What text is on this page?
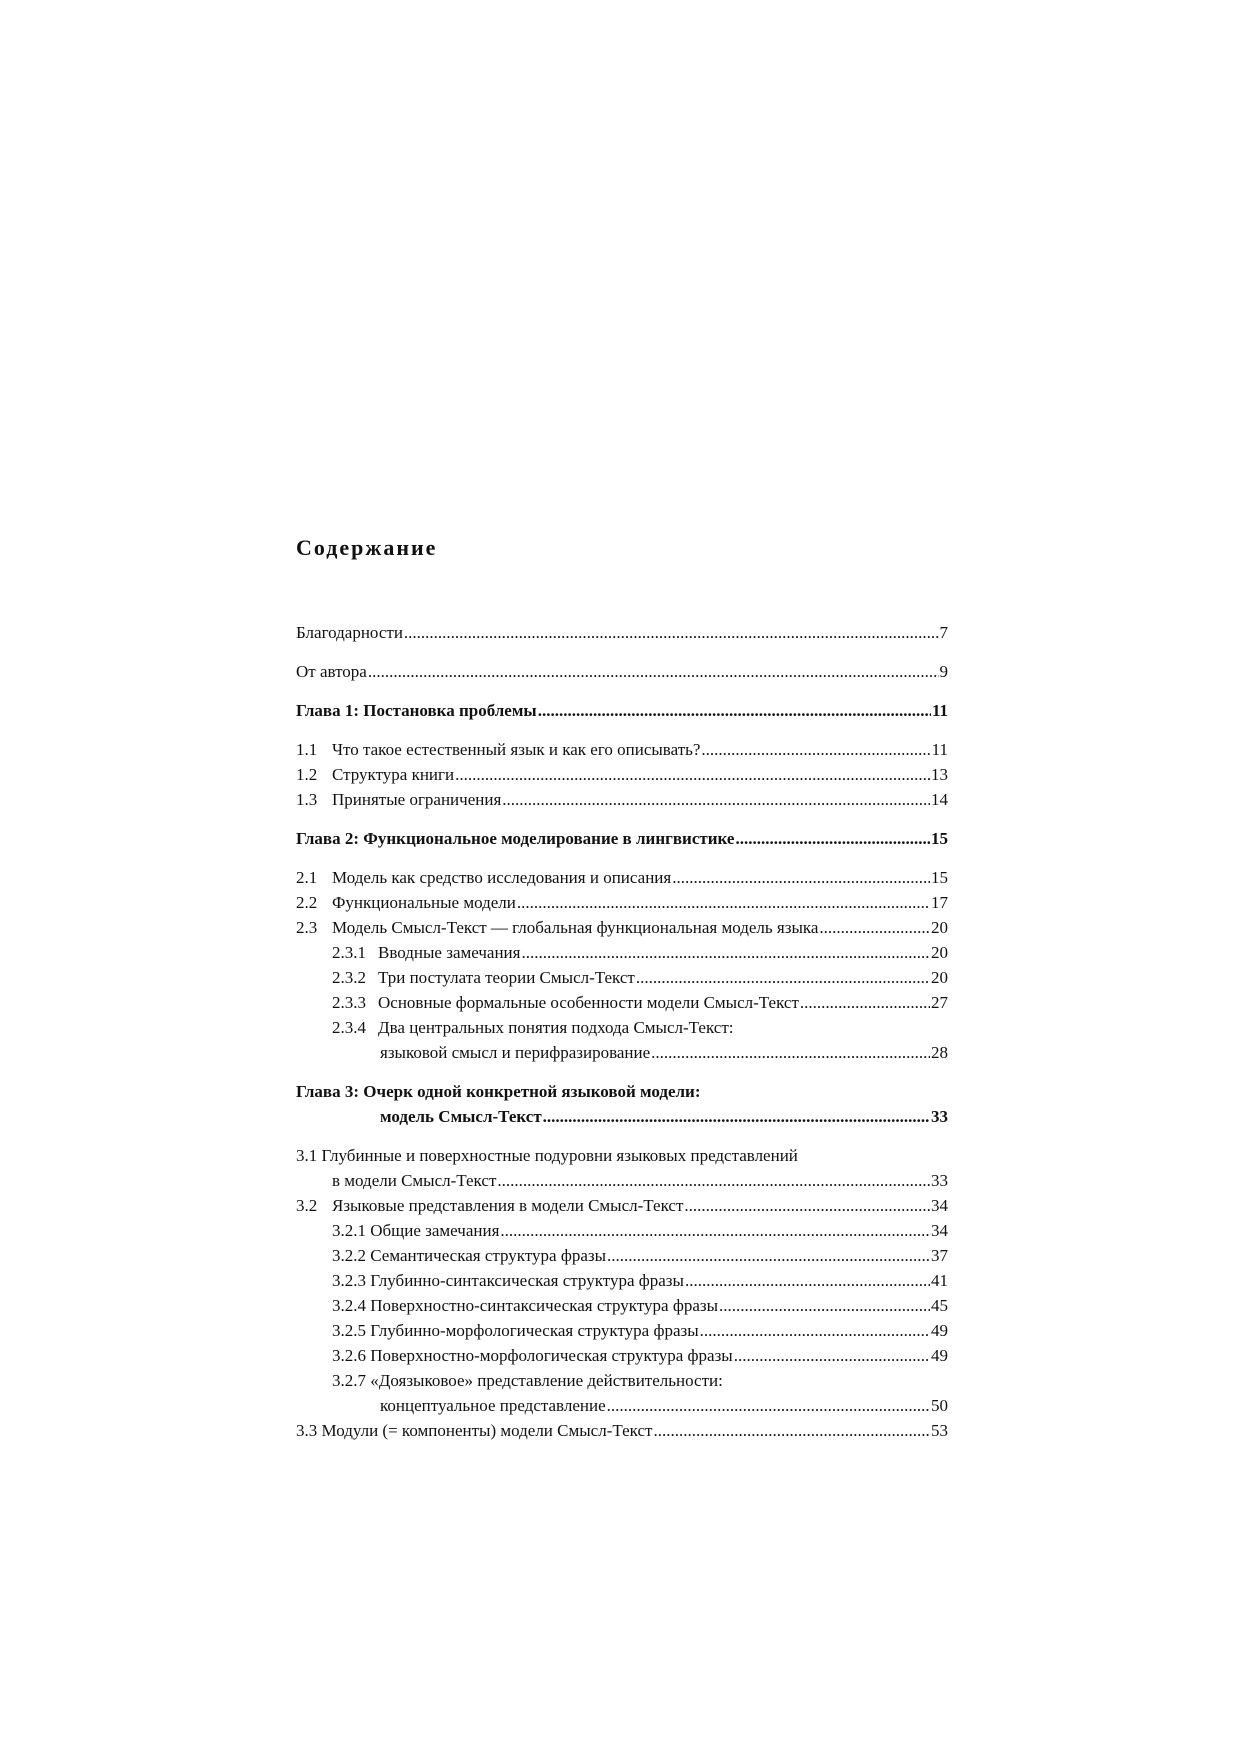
Содержание
Благодарности .....	7
От автора .....	9
Глава 1: Постановка проблемы .....	11
1.1 Что такое естественный язык и как его описывать? .....	11
1.2 Структура книги .....	13
1.3 Принятые ограничения .....	14
Глава 2: Функциональное моделирование в лингвистике .....	15
2.1 Модель как средство исследования и описания .....	15
2.2 Функциональные модели .....	17
2.3 Модель Смысл-Текст — глобальная функциональная модель языка .....	20
2.3.1 Вводные замечания .....	20
2.3.2 Три постулата теории Смысл-Текст .....	20
2.3.3 Основные формальные особенности модели Смысл-Текст .....	27
2.3.4 Два центральных понятия подхода Смысл-Текст:
языковой смысл и перифразирование .....	28
Глава 3: Очерк одной конкретной языковой модели:
модель Смысл-Текст .....	33
3.1 Глубинные и поверхностные подуровни языковых представлений
в модели Смысл-Текст .....	33
3.2 Языковые представления в модели Смысл-Текст .....	34
3.2.1 Общие замечания .....	34
3.2.2 Семантическая структура фразы .....	37
3.2.3 Глубинно-синтаксическая структура фразы .....	41
3.2.4 Поверхностно-синтаксическая структура фразы .....	45
3.2.5 Глубинно-морфологическая структура фразы .....	49
3.2.6 Поверхностно-морфологическая структура фразы .....	49
3.2.7 «Доязыковое» представление действительности:
концептуальное представление .....	50
3.3 Модули (= компоненты) модели Смысл-Текст .....	53
